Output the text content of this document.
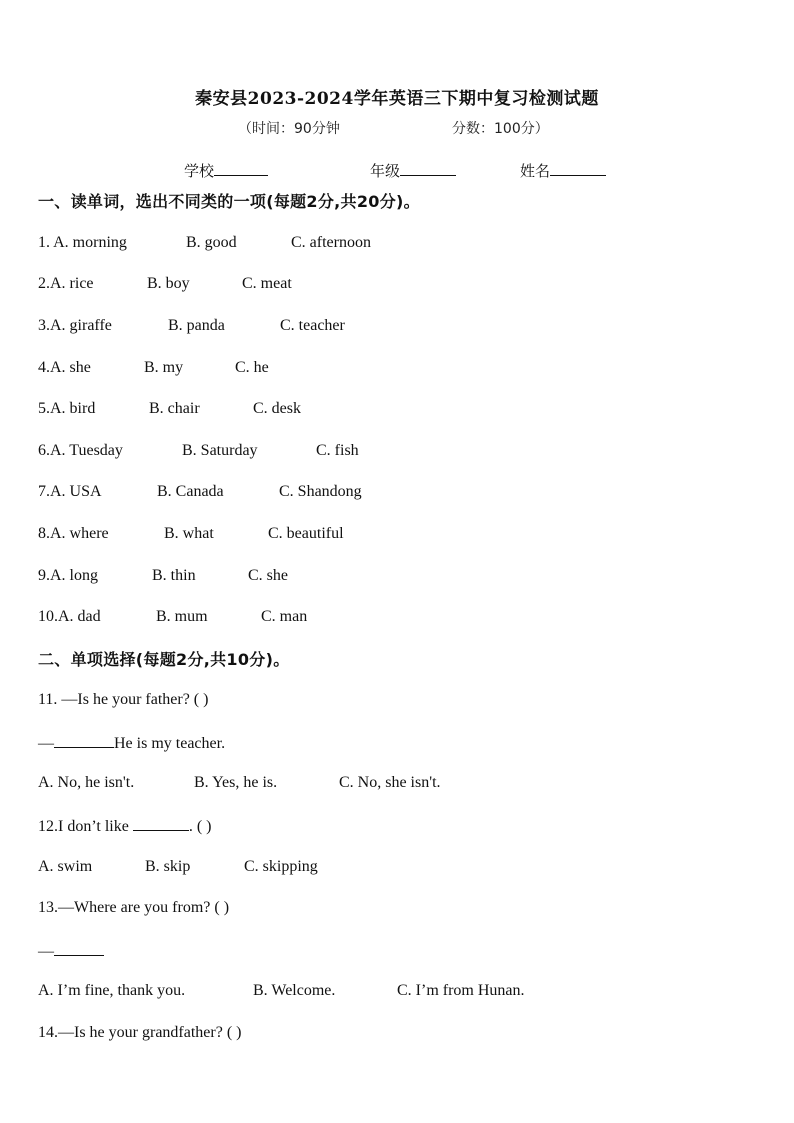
秦安县2023-2024学年英语三下期中复习检测试题
（时间：90分钟	分数：100分）
学校	年级	姓名
一、读单词，选出不同类的一项(每题2分,共20分)。
1. A. morning	B. good	C. afternoon
2.A. rice	B. boy	C. meat
3.A. giraffe	B. panda	C. teacher
4.A. she	B. my	C. he
5.A. bird	B. chair	C. desk
6.A. Tuesday	B. Saturday	C. fish
7.A. USA	B. Canada	C. Shandong
8.A. where	B. what	C. beautiful
9.A. long	B. thin	C. she
10.A. dad	B. mum	C. man
二、单项选择(每题2分,共10分)。
11. —Is he your father? ( )
—	He is my teacher.
A. No, he isn't.	B. Yes, he is.	C. No, she isn't.
12.I don’t like	. ( )
A. swim	B. skip	C. skipping
13.—Where are you from? ( )
—
A. I’m fine, thank you.	B. Welcome.	C. I’m from Hunan.
14.—Is he your grandfather? ( )
